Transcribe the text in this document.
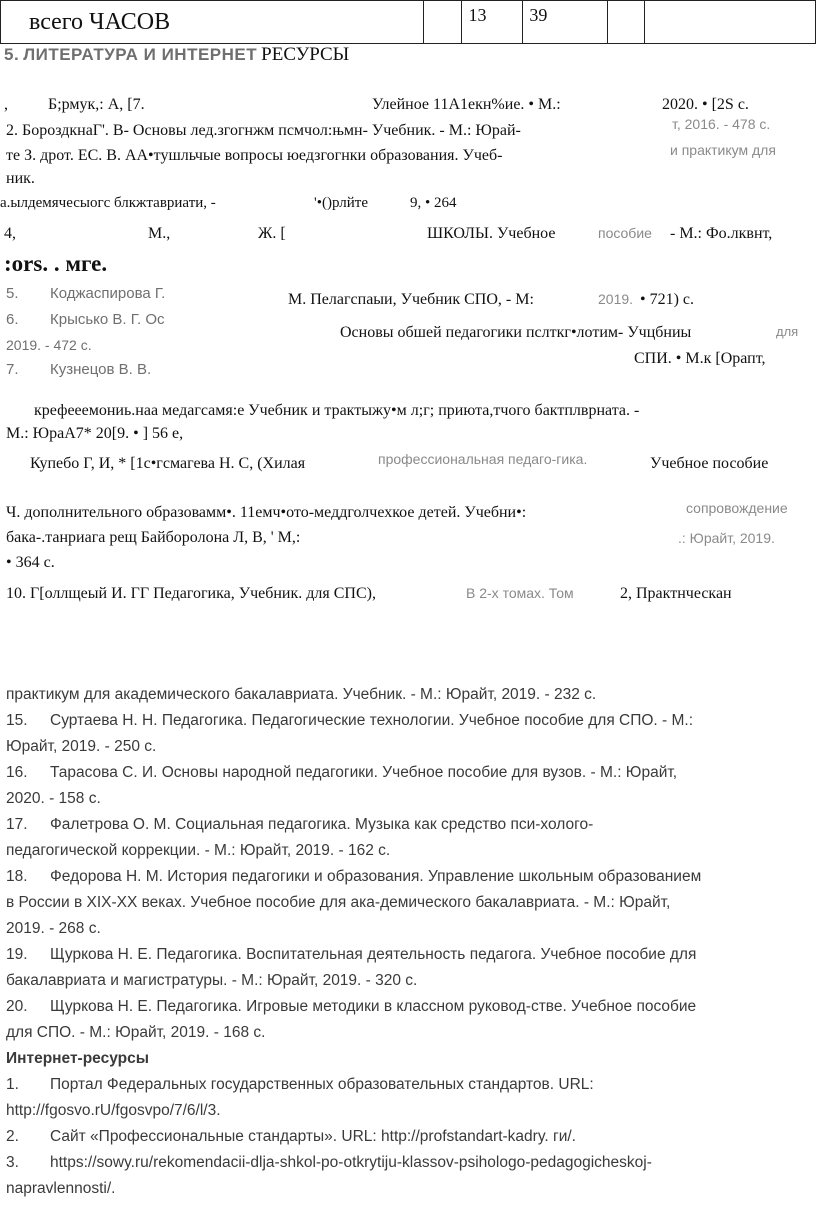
всего ЧАСОВ		13	39		
5. ЛИТЕРАТУРА И ИНТЕРНЕТ РЕСУРСЫ
,	Б;рмук,: А, [7.	Улейное 11А1екн%ие. • М.:	2020. • [2S с.
2. БороздкнаГ'. В- Основы лед.згогнжм псмчол:њмн- Учебник. - М.: Юрай-	т, 2016. - 478 с.
те З. дрот. ЕС. В. АА•тушльчые вопросы юедзгогнки образования. Учеб-	и практикум для
ник.
а.ылдемячесыогс блкжтавриати, -	'•()рлйте	9, • 264
4,	М.,	Ж. [	ШКОЛЫ. Учебное	пособие - М.: Фо.лквнт,
:ors. . мге.
5. Коджаспирова Г.	М. Пелагспаыи, Учебник СПО, - М:	2019. • 721) с.
6. Крысько В. Г. Ос
Основы обшей педагогики пслткг•лотим- Учцбниы	для
2019. - 472 с.
СПИ. • М.к [Орапт,
7. Кузнецов В. В.
крефееемониь.наа медагсамя:е Учебник и трактыжу•м л;г; приюта,тчого бактплврната. -
М.: ЮраА7* 20[9. • ] 56 е,
Купебо Г, И, * [1с•гсмагева Н. С, (Хилая	профессиональная педаго-гика.	Учебное пособие
Ч. дополнительного образовамм•. 11емч•ото-меддголчехкое детей. Учебни•:	сопровождение
бака-.танриага рещ Байборолона Л, В, ' М,:	.: Юрайт, 2019.
• 364 с.
10. Г[оллщеый И. ГГ Педагогика, Учебник. для СПС),	В 2-х томах. Том	2, Практнческан
практикум для академического бакалавриата. Учебник. - М.: Юрайт, 2019. - 232 с.
15. Суртаева Н. Н. Педагогика. Педагогические технологии. Учебное пособие для СПО. - М.:
Юрайт, 2019. - 250 с.
16. Тарасова С. И. Основы народной педагогики. Учебное пособие для вузов. - М.: Юрайт,
2020. - 158 с.
17. Фалетрова О. М. Социальная педагогика. Музыка как средство пси-холого-
педагогической коррекции. - М.: Юрайт, 2019. - 162 с.
18. Федорова Н. М. История педагогики и образования. Управление школьным образованием
в России в XIX-XX веках. Учебное пособие для ака-демического бакалавриата. - М.: Юрайт,
2019. - 268 с.
19. Щуркова Н. Е. Педагогика. Воспитательная деятельность педагога. Учебное пособие для
бакалавриата и магистратуры. - М.: Юрайт, 2019. - 320 с.
20. Щуркова Н. Е. Педагогика. Игровые методики в классном руковод-стве. Учебное пособие
для СПО. - М.: Юрайт, 2019. - 168 с.
Интернет-ресурсы
1. Портал Федеральных государственных образовательных стандартов. URL:
http://fgosvo.rU/fgosvpo/7/6/l/3.
2. Сайт «Профессиональные стандарты». URL: http://profstandart-kadry. ги/.
3. https://sowy.ru/rekomendacii-dlja-shkol-po-otkrytiju-klassov-psihologo-pedagogicheskoj-
napravlennosti/.
